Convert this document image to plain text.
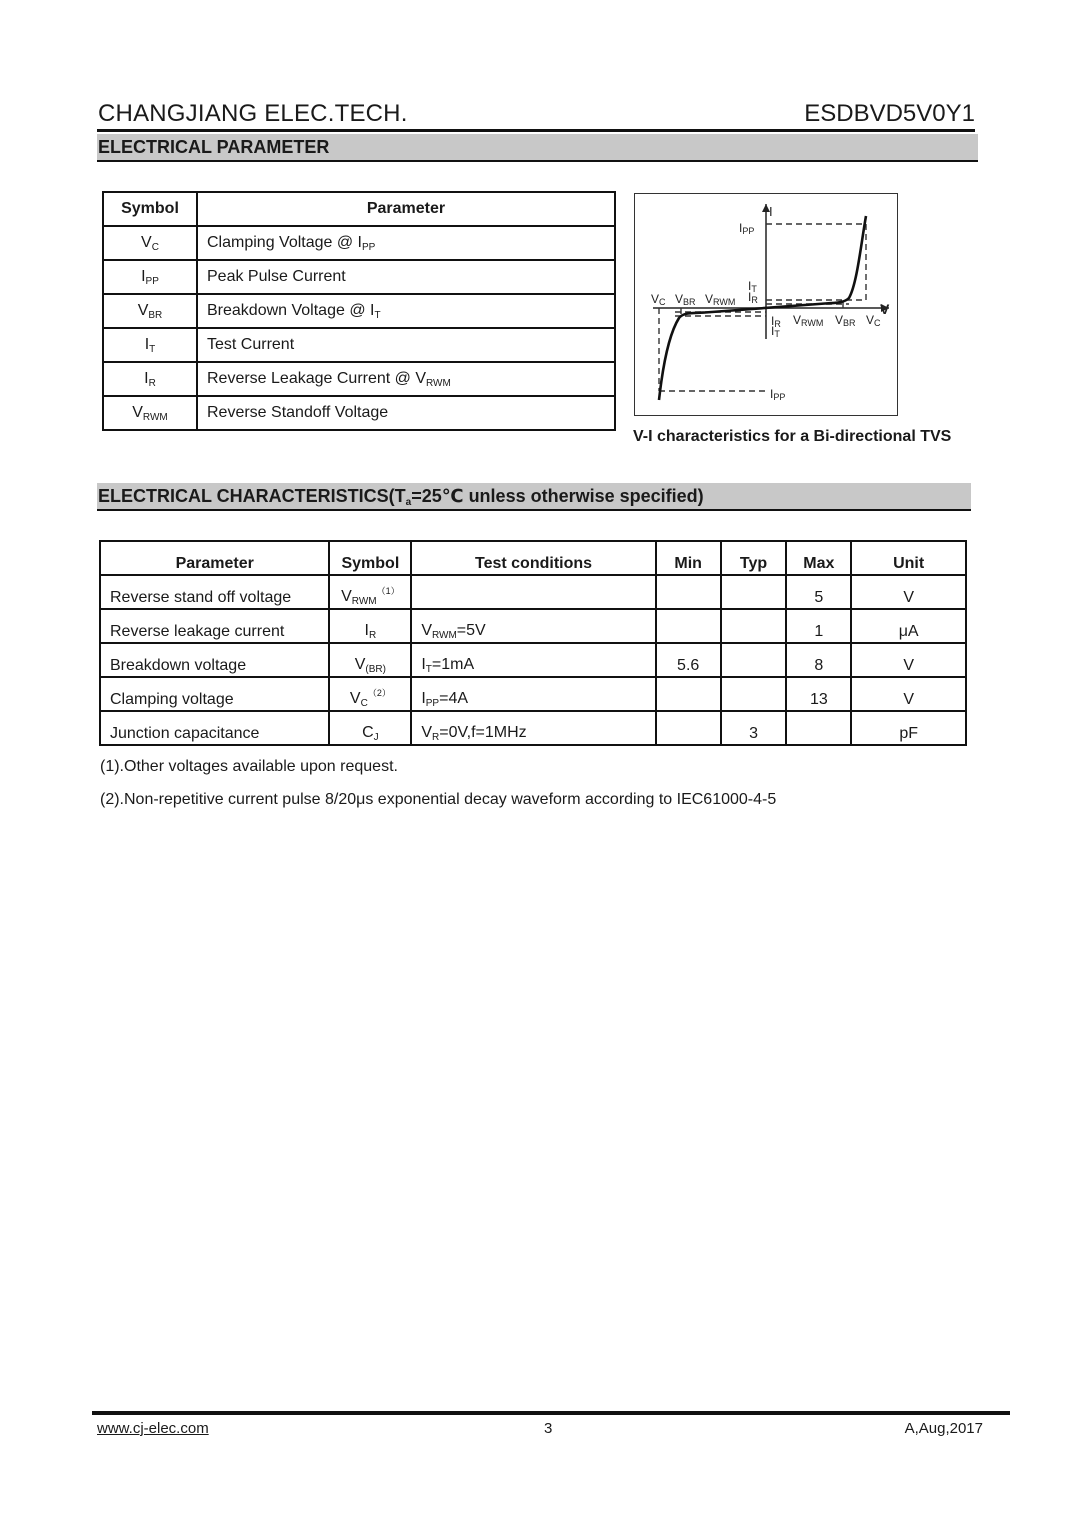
CHANGJIANG ELEC.TECH.	ESDBVD5V0Y1
ELECTRICAL PARAMETER
Symbol	Parameter
$V_C$	Clamping Voltage @ $I_{PP}$
$I_{PP}$	Peak Pulse Current
$V_{BR}$	Breakdown Voltage @ $I_T$
$I_T$	Test Current
$I_R$	Reverse Leakage Current @ $V_{RWM}$
$V_{RWM}$	Reverse Standoff Voltage
I
V
IPP
IT
IR
VC VBR VRWM
IR
IT
VRWM VBR VC
IPP
V-I characteristics for a Bi-directional TVS
ELECTRICAL $CHARACTERISTICS(T_a=25℃$ unless otherwise specified)
Parameter	Symbol	Test conditions	Min	Typ	Max	Unit
Reverse stand off voltage	$V_{RWM}^{(1)}$				5	V
Reverse leakage current	$I_R$	$V_{RWM}=5V$			1	μA
Breakdown voltage	$V_{(BR)}$	$I_T=1mA$	5.6		8	V
Clamping voltage	$V_C^{(2)}$	$I_{PP}=4A$			13	V
Junction capacitance	$C_J$	$V_R=0V,f=1MHz$		3		pF
(1).Other voltages available upon request.
(2).Non-repetitive current pulse 8/20μs exponential decay waveform according to IEC61000-4-5
www.cj-elec.com	3	A,Aug,2017
